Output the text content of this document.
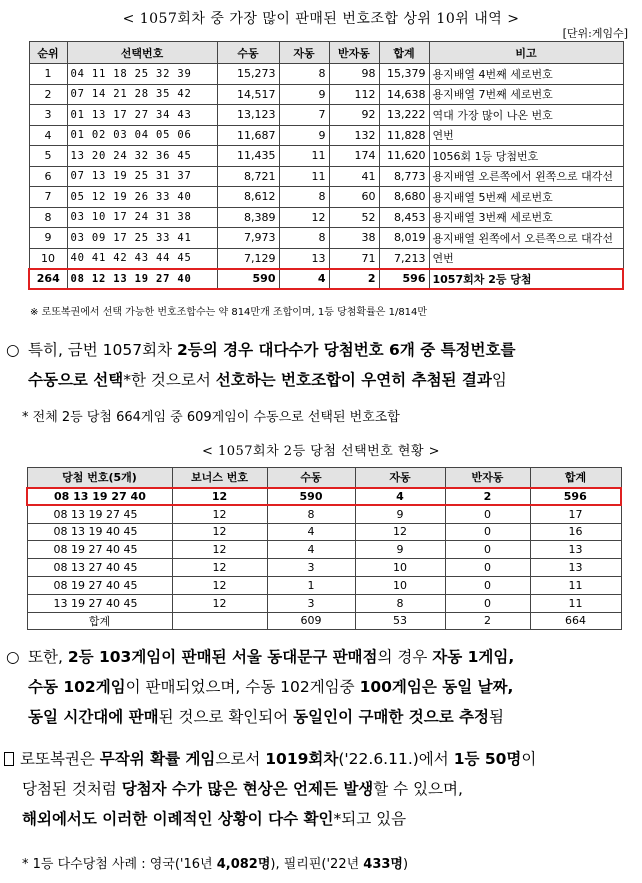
< 1057회차 중 가장 많이 판매된 번호조합 상위 10위 내역 >
[단위:게임수]
순위	선택번호	수동	자동	반자동	합계	비고
1	04 11 18 25 32 39	15,273	8	98	15,379	용지배열 4번째 세로번호
2	07 14 21 28 35 42	14,517	9	112	14,638	용지배열 7번째 세로번호
3	01 13 17 27 34 43	13,123	7	92	13,222	역대 가장 많이 나온 번호
4	01 02 03 04 05 06	11,687	9	132	11,828	연번
5	13 20 24 32 36 45	11,435	11	174	11,620	1056회 1등 당첨번호
6	07 13 19 25 31 37	8,721	11	41	8,773	용지배열 오른쪽에서 왼쪽으로 대각선
7	05 12 19 26 33 40	8,612	8	60	8,680	용지배열 5번째 세로번호
8	03 10 17 24 31 38	8,389	12	52	8,453	용지배열 3번째 세로번호
9	03 09 17 25 33 41	7,973	8	38	8,019	용지배열 왼쪽에서 오른쪽으로 대각선
10	40 41 42 43 44 45	7,129	13	71	7,213	연번
264	08 12 13 19 27 40	590	4	2	596	1057회차 2등 당첨
※ 로또복권에서 선택 가능한 번호조합수는 약 814만개 조합이며, 1등 당첨확률은 1/814만
○ 특히, 금번 1057회차 2등의 경우 대다수가 당첨번호 6개 중 특정번호를
수동으로 선택*한 것으로서 선호하는 번호조합이 우연히 추첨된 결과임
* 전체 2등 당첨 664게임 중 609게임이 수동으로 선택된 번호조합
< 1057회차 2등 당첨 선택번호 현황 >
당첨 번호(5개)	보너스 번호	수동	자동	반자동	합계
08 13 19 27 40	12	590	4	2	596
08 13 19 27 45	12	8	9	0	17
08 13 19 40 45	12	4	12	0	16
08 19 27 40 45	12	4	9	0	13
08 13 27 40 45	12	3	10	0	13
08 19 27 40 45	12	1	10	0	11
13 19 27 40 45	12	3	8	0	11
합계		609	53	2	664
○ 또한, 2등 103게임이 판매된 서울 동대문구 판매점의 경우 자동 1게임,
수동 102게임이 판매되었으며, 수동 102게임중 100게임은 동일 날짜,
동일 시간대에 판매된 것으로 확인되어 동일인이 구매한 것으로 추정됨
로또복권은 무작위 확률 게임으로서 1019회차('22.6.11.)에서 1등 50명이
당첨된 것처럼 당첨자 수가 많은 현상은 언제든 발생할 수 있으며,
해외에서도 이러한 이례적인 상황이 다수 확인*되고 있음
* 1등 다수당첨 사례 : 영국('16년 4,082명), 필리핀('22년 433명)
